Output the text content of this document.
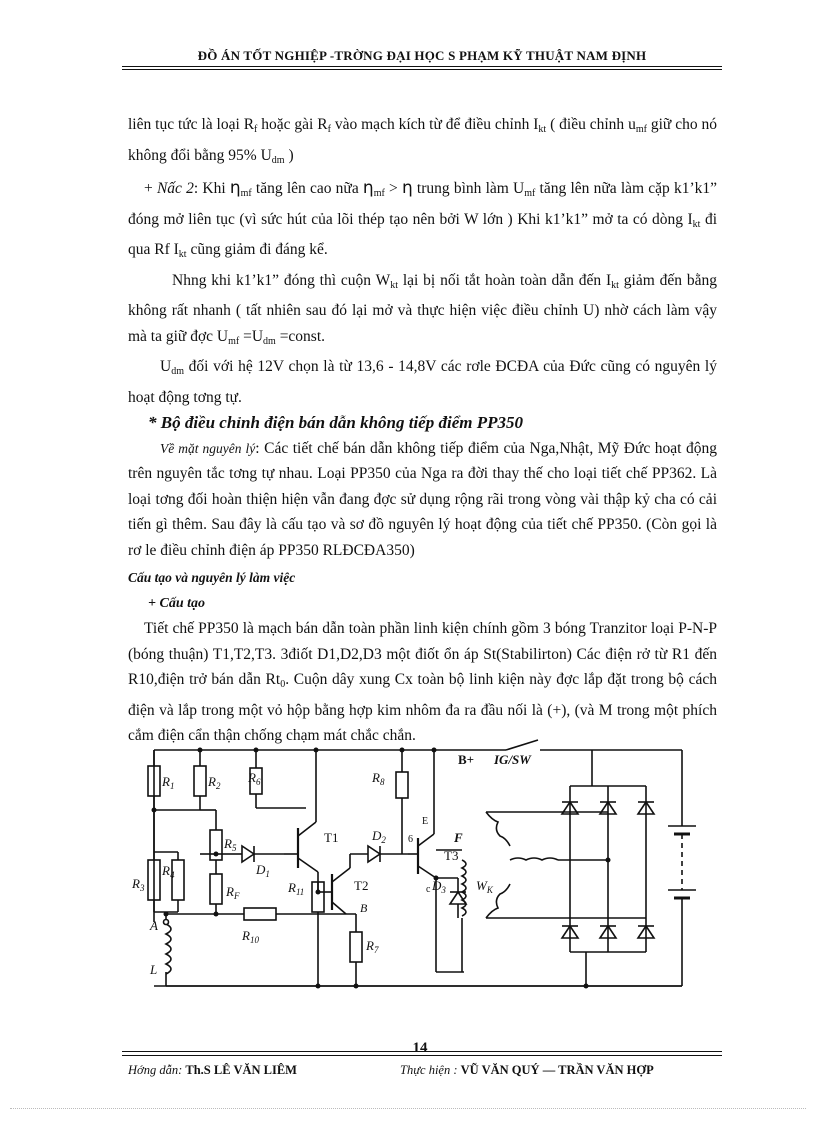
ĐỒ ÁN TỐT NGHIỆP -TRỜNG ĐẠI HỌC S PHẠM KỸ THUẬT NAM ĐỊNH

liên tục tức là loại $R_f$ hoặc gài $R_f$ vào mạch kích từ để điều chỉnh $I_{kt}$ ( điều chỉnh $u_{mf}$ giữ cho nó không đổi bằng 95% $U_{dm}$ )

+ Nấc 2: Khi $\eta_{mf}$ tăng lên cao nữa $\eta_{mf} > \eta$ trung bình làm $U_{mf}$ tăng lên nữa làm cặp k1’k1” đóng mở liên tục (vì sức hút của lõi thép tạo nên bởi W lớn ) Khi k1’k1” mở ta có dòng $I_{kt}$ đi qua Rf $I_{kt}$ cũng giảm đi đáng kể.

Nhng khi k1’k1” đóng thì cuộn $W_{kt}$ lại bị nối tắt hoàn toàn dẫn đến $I_{kt}$ giảm đến bằng không rất nhanh ( tất nhiên sau đó lại mở và thực hiện việc điều chỉnh U) nhờ cách làm vậy mà ta giữ đợc $U_{mf} =U_{dm}$ =const.

$U_{dm}$ đối với hệ 12V chọn là từ 13,6 - 14,8V các rơle ĐCĐA của Đức cũng có nguyên lý hoạt động tơng tự.

* Bộ điều chỉnh điện bán dẫn không tiếp điểm PP350

Về mặt nguyên lý: Các tiết chế bán dẫn không tiếp điểm của Nga,Nhật, Mỹ Đức hoạt động trên nguyên tắc tơng tự nhau. Loại PP350 của Nga ra đời thay thế cho loại tiết chế PP362. Là loại tơng đối hoàn thiện hiện vẫn đang đợc sử dụng rộng rãi trong vòng vài thập kỷ cha có cải tiến gì thêm. Sau đây là cấu tạo và sơ đồ nguyên lý hoạt động của tiết chế PP350. (Còn gọi là rơ le điều chỉnh điện áp PP350 RLĐCĐA350)

Cấu tạo và nguyên lý làm việc

+ Cấu tạo

Tiết chế PP350 là mạch bán dẫn toàn phần linh kiện chính gồm 3 bóng Tranzitor loại P-N-P (bóng thuận) T1,T2,T3. 3điốt D1,D2,D3 một điốt ổn áp St(Stabilirton) Các điện rở từ R1 đến R10,điện trở bán dẫn $Rt_0$. Cuộn dây xung Cx toàn bộ linh kiện này đợc lắp đặt trong bộ cách điện và lắp trong một vỏ hộp bằng hợp kim nhôm đa ra đầu nối là (+), (và M trong một phích cắm điện cẩn thận chống chạm mát chắc chắn.

$R_1$	$R_2$
$R_3$
$R_4$
$R_5$
$R_6$
$R_7$
$R_8$
$R_{10}$
$R_{11}$
$R_F$
$D_1$
$D_2$
$D_3$
T1
T2
T3
B+ IG/SW
F
$W_K$
A
L
B
6
E
c
14
Hớng dẫn: Th.S LÊ VĂN LIÊM	Thực hiện : VŨ VĂN QUÝ — TRẦN VĂN HỢP
